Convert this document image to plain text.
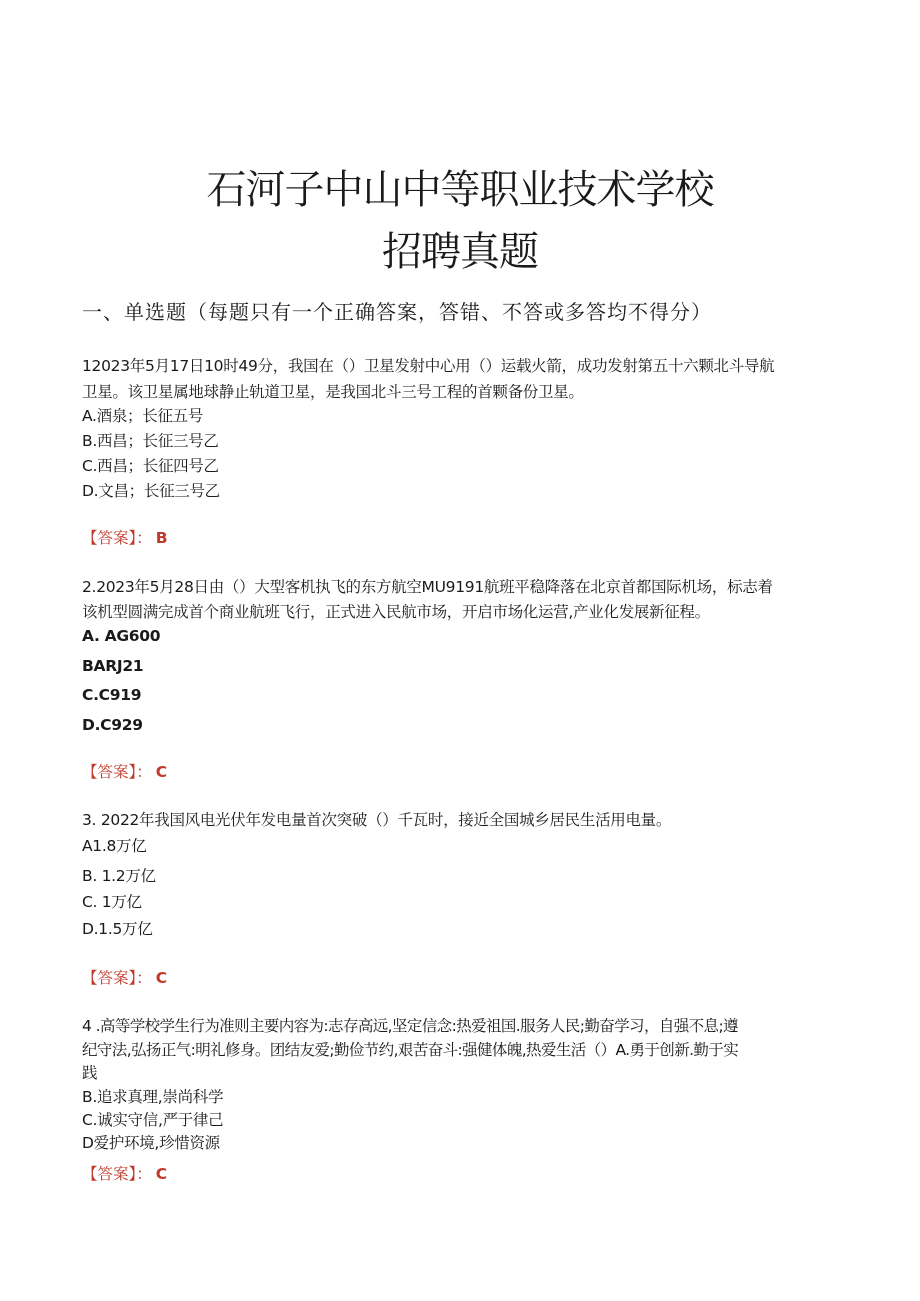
石河子中山中等职业技术学校
招聘真题
一、单选题（每题只有一个正确答案，答错、不答或多答均不得分）
12023年5月17日10时49分，我国在（）卫星发射中心用（）运载火箭，成功发射第五十六颗北斗导航
卫星。该卫星属地球静止轨道卫星，是我国北斗三号工程的首颗备份卫星。
A.酒泉；长征五号
B.西昌；长征三号乙
C.西昌；长征四号乙
D.文昌；长征三号乙
【答案】： B
2.2023年5月28日由（）大型客机执飞的东方航空MU9191航班平稳降落在北京首都国际机场，标志着
该机型圆满完成首个商业航班飞行，正式进入民航市场，开启市场化运营,产业化发展新征程。
A. AG600
BARJ21
C.C919
D.C929
【答案】： C
3. 2022年我国风电光伏年发电量首次突破（）千瓦时，接近全国城乡居民生活用电量。
A1.8万亿
B. 1.2万亿
C. 1万亿
D.1.5万亿
【答案】： C
4 .高等学校学生行为准则主要内容为:志存高远,坚定信念:热爱祖国.服务人民;勤奋学习，自强不息;遵
纪守法,弘扬正气:明礼修身。团结友爱;勤俭节约,艰苦奋斗:强健体魄,热爱生活（）A.勇于创新.勤于实
践
B.追求真理,崇尚科学
C.诚实守信,严于律己
D爱护环境,珍惜资源
【答案】： C
